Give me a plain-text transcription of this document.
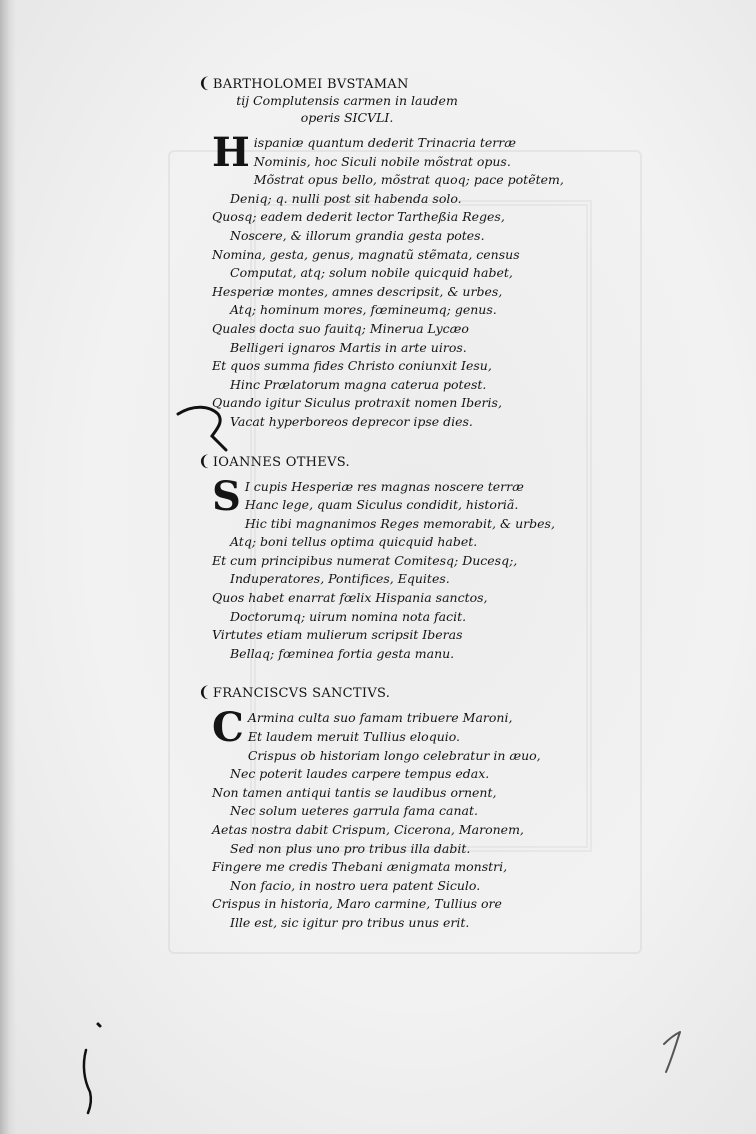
❨ BARTHOLOMEI BVSTAMAN

tij Complutensis carmen in laudem

operis SICVLI.

H ispaniæ quantum dederit Trinacria terræ

Nominis, hoc Siculi nobile mõstrat opus.

Mõstrat opus bello, mõstrat quoq; pace potẽtem,

Deniq; q. nulli post sit habenda solo.

Quosq; eadem dederit lector Tartheßia Reges,

Noscere, & illorum grandia gesta potes.

Nomina, gesta, genus, magnatũ stẽmata, census

Computat, atq; solum nobile quicquid habet,

Hesperiæ montes, amnes descripsit, & urbes,

Atq; hominum mores, fœmineumq; genus.

Quales docta suo fauitq; Minerua Lycæo

Belligeri ignaros Martis in arte uiros.

Et quos summa fides Christo coniunxit Iesu,

Hinc Prælatorum magna caterua potest.

Quando igitur Siculus protraxit nomen Iberis,

Vacat hyperboreos deprecor ipse dies.

❨ IOANNES OTHEVS.

S I cupis Hesperiæ res magnas noscere terræ

Hanc lege, quam Siculus condidit, historiã.

Hic tibi magnanimos Reges memorabit, & urbes,

Atq; boni tellus optima quicquid habet.

Et cum principibus numerat Comitesq; Ducesq;,

Induperatores, Pontifices, Equites.

Quos habet enarrat fœlix Hispania sanctos,

Doctorumq; uirum nomina nota facit.

Virtutes etiam mulierum scripsit Iberas

Bellaq; fœminea fortia gesta manu.

❨ FRANCISCVS SANCTIVS.

C Armina culta suo famam tribuere Maroni,

Et laudem meruit Tullius eloquio.

Crispus ob historiam longo celebratur in æuo,

Nec poterit laudes carpere tempus edax.

Non tamen antiqui tantis se laudibus ornent,

Nec solum ueteres garrula fama canat.

Aetas nostra dabit Crispum, Cicerona, Maronem,

Sed non plus uno pro tribus illa dabit.

Fingere me credis Thebani ænigmata monstri,

Non facio, in nostro uera patent Siculo.

Crispus in historia, Maro carmine, Tullius ore

Ille est, sic igitur pro tribus unus erit.
